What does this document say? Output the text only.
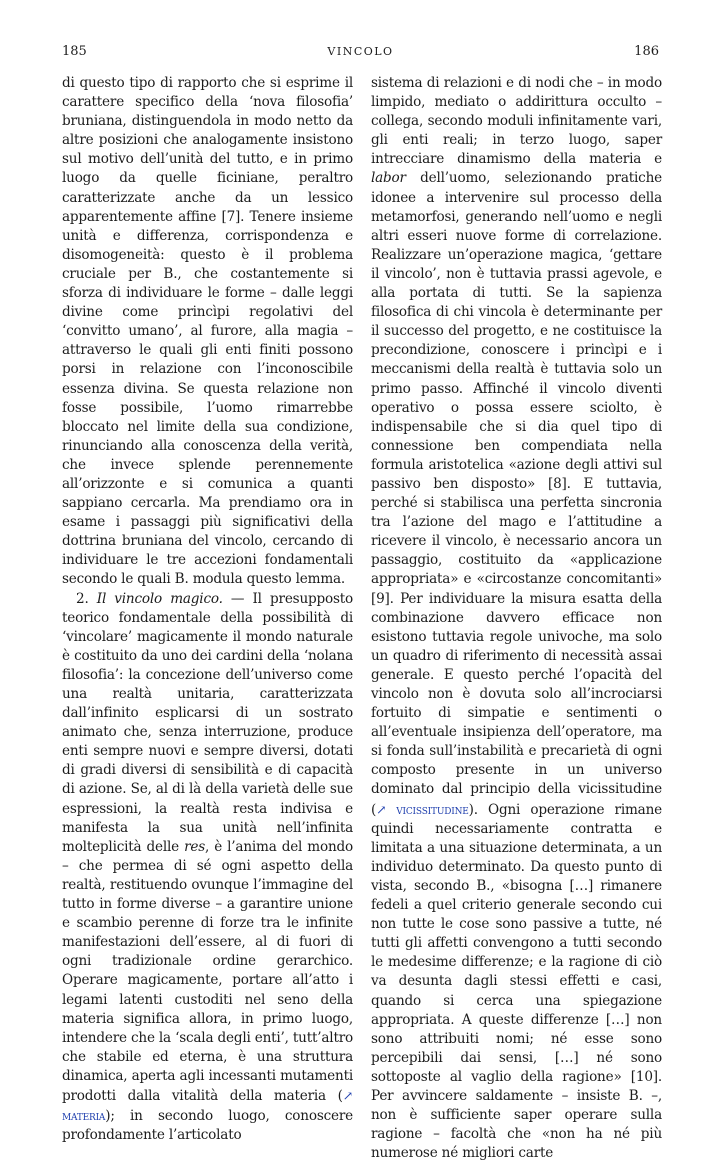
185	VINCOLO	186

di questo tipo di rapporto che si esprime il carattere specifico della ‘nova filosofia’ bruniana, distinguendola in modo netto da altre posizioni che analogamente insistono sul motivo dell’unità del tutto, e in primo luogo da quelle ficiniane, peraltro caratterizzate anche da un lessico apparentemente affine [7]. Tenere insieme unità e differenza, corrispondenza e disomogeneità: questo è il problema cruciale per B., che costantemente si sforza di individuare le forme – dalle leggi divine come princìpi regolativi del ‘convitto umano’, al furore, alla magia – attraverso le quali gli enti finiti possono porsi in relazione con l’inconoscibile essenza divina. Se questa relazione non fosse possibile, l’uomo rimarrebbe bloccato nel limite della sua condizione, rinunciando alla conoscenza della verità, che invece splende perennemente all’orizzonte e si comunica a quanti sappiano cercarla. Ma prendiamo ora in esame i passaggi più significativi della dottrina bruniana del vincolo, cercando di individuare le tre accezioni fondamentali secondo le quali B. modula questo lemma.

2. Il vincolo magico. — Il presupposto teorico fondamentale della possibilità di ‘vincolare’ magicamente il mondo naturale è costituito da uno dei cardini della ‘nolana filosofia’: la concezione dell’universo come una realtà unitaria, caratterizzata dall’infinito esplicarsi di un sostrato animato che, senza interruzione, produce enti sempre nuovi e sempre diversi, dotati di gradi diversi di sensibilità e di capacità di azione. Se, al di là della varietà delle sue espressioni, la realtà resta indivisa e manifesta la sua unità nell’infinita molteplicità delle res, è l’anima del mondo – che permea di sé ogni aspetto della realtà, restituendo ovunque l’immagine del tutto in forme diverse – a garantire unione e scambio perenne di forze tra le infinite manifestazioni dell’essere, al di fuori di ogni tradizionale ordine gerarchico. Operare magicamente, portare all’atto i legami latenti custoditi nel seno della materia significa allora, in primo luogo, intendere che la ‘scala degli enti’, tutt’altro che stabile ed eterna, è una struttura dinamica, aperta agli incessanti mutamenti prodotti dalla vitalità della materia (↗ materia); in secondo luogo, conoscere profondamente l’articolato

sistema di relazioni e di nodi che – in modo limpido, mediato o addirittura occulto – collega, secondo moduli infinitamente vari, gli enti reali; in terzo luogo, saper intrecciare dinamismo della materia e labor dell’uomo, selezionando pratiche idonee a intervenire sul processo della metamorfosi, generando nell’uomo e negli altri esseri nuove forme di correlazione. Realizzare un’operazione magica, ‘gettare il vincolo’, non è tuttavia prassi agevole, e alla portata di tutti. Se la sapienza filosofica di chi vincola è determinante per il successo del progetto, e ne costituisce la precondizione, conoscere i princìpi e i meccanismi della realtà è tuttavia solo un primo passo. Affinché il vincolo diventi operativo o possa essere sciolto, è indispensabile che si dia quel tipo di connessione ben compendiata nella formula aristotelica «azione degli attivi sul passivo ben disposto» [8]. E tuttavia, perché si stabilisca una perfetta sincronia tra l’azione del mago e l’attitudine a ricevere il vincolo, è necessario ancora un passaggio, costituito da «applicazione appropriata» e «circostanze concomitanti» [9]. Per individuare la misura esatta della combinazione davvero efficace non esistono tuttavia regole univoche, ma solo un quadro di riferimento di necessità assai generale. E questo perché l’opacità del vincolo non è dovuta solo all’incrociarsi fortuito di simpatie e sentimenti o all’eventuale insipienza dell’operatore, ma si fonda sull’instabilità e precarietà di ogni composto presente in un universo dominato dal principio della vicissitudine (↗ vicissitudine). Ogni operazione rimane quindi necessariamente contratta e limitata a una situazione determinata, a un individuo determinato. Da questo punto di vista, secondo B., «bisogna […] rimanere fedeli a quel criterio generale secondo cui non tutte le cose sono passive a tutte, né tutti gli affetti convengono a tutti secondo le medesime differenze; e la ragione di ciò va desunta dagli stessi effetti e casi, quando si cerca una spiegazione appropriata. A queste differenze […] non sono attribuiti nomi; né esse sono percepibili dai sensi, […] né sono sottoposte al vaglio della ragione» [10]. Per avvincere saldamente – insiste B. –, non è sufficiente saper operare sulla ragione – facoltà che «non ha né più numerose né migliori carte
